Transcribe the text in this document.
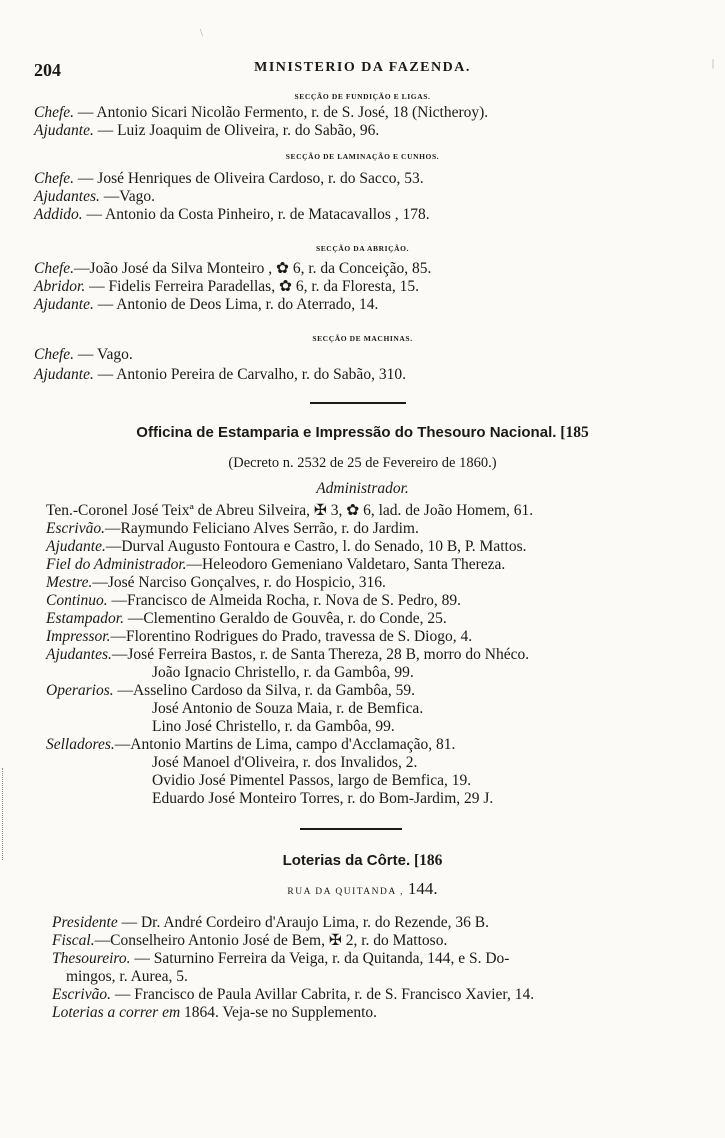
\
|
204	MINISTERIO DA FAZENDA.
SECÇÃO DE FUNDIÇÃO E LIGAS.
Chefe. — Antonio Sicari Nicolão Fermento, r. de S. José, 18 (Nictheroy).
Ajudante. — Luiz Joaquim de Oliveira, r. do Sabão, 96.
SECÇÃO DE LAMINAÇÃO E CUNHOS.
Chefe. — José Henriques de Oliveira Cardoso, r. do Sacco, 53.
Ajudantes. —Vago.
Addido. — Antonio da Costa Pinheiro, r. de Matacavallos , 178.
SECÇÃO DA ABRIÇÃO.
Chefe.—João José da Silva Monteiro , ✿ 6, r. da Conceição, 85.
Abridor. — Fidelis Ferreira Paradellas, ✿ 6, r. da Floresta, 15.
Ajudante. — Antonio de Deos Lima, r. do Aterrado, 14.
SECÇÃO DE MACHINAS.
Chefe. — Vago.
Ajudante. — Antonio Pereira de Carvalho, r. do Sabão, 310.
Officina de Estamparia e Impressão do Thesouro Nacional. [185
(Decreto n. 2532 de 25 de Fevereiro de 1860.)
Administrador.
Ten.-Coronel José Teixª de Abreu Silveira, ✠ 3, ✿ 6, lad. de João Homem, 61.
Escrivão.—Raymundo Feliciano Alves Serrão, r. do Jardim.
Ajudante.—Durval Augusto Fontoura e Castro, l. do Senado, 10 B, P. Mattos.
Fiel do Administrador.—Heleodoro Gemeniano Valdetaro, Santa Thereza.
Mestre.—José Narciso Gonçalves, r. do Hospicio, 316.
Continuo. —Francisco de Almeida Rocha, r. Nova de S. Pedro, 89.
Estampador. —Clementino Geraldo de Gouvêa, r. do Conde, 25.
Impressor.—Florentino Rodrigues do Prado, travessa de S. Diogo, 4.
Ajudantes.—José Ferreira Bastos, r. de Santa Thereza, 28 B, morro do Nhéco.
João Ignacio Christello, r. da Gambôa, 99.
Operarios. —Asselino Cardoso da Silva, r. da Gambôa, 59.
José Antonio de Souza Maia, r. de Bemfica.
Lino José Christello, r. da Gambôa, 99.
Selladores.—Antonio Martins de Lima, campo d'Acclamação, 81.
José Manoel d'Oliveira, r. dos Invalidos, 2.
Ovidio José Pimentel Passos, largo de Bemfica, 19.
Eduardo José Monteiro Torres, r. do Bom-Jardim, 29 J.
Loterias da Côrte. [186
RUA DA QUITANDA , 144.
Presidente — Dr. André Cordeiro d'Araujo Lima, r. do Rezende, 36 B.
Fiscal.—Conselheiro Antonio José de Bem, ✠ 2, r. do Mattoso.
Thesoureiro. — Saturnino Ferreira da Veiga, r. da Quitanda, 144, e S. Do-
mingos, r. Aurea, 5.
Escrivão. — Francisco de Paula Avillar Cabrita, r. de S. Francisco Xavier, 14.
Loterias a correr em 1864. Veja-se no Supplemento.
